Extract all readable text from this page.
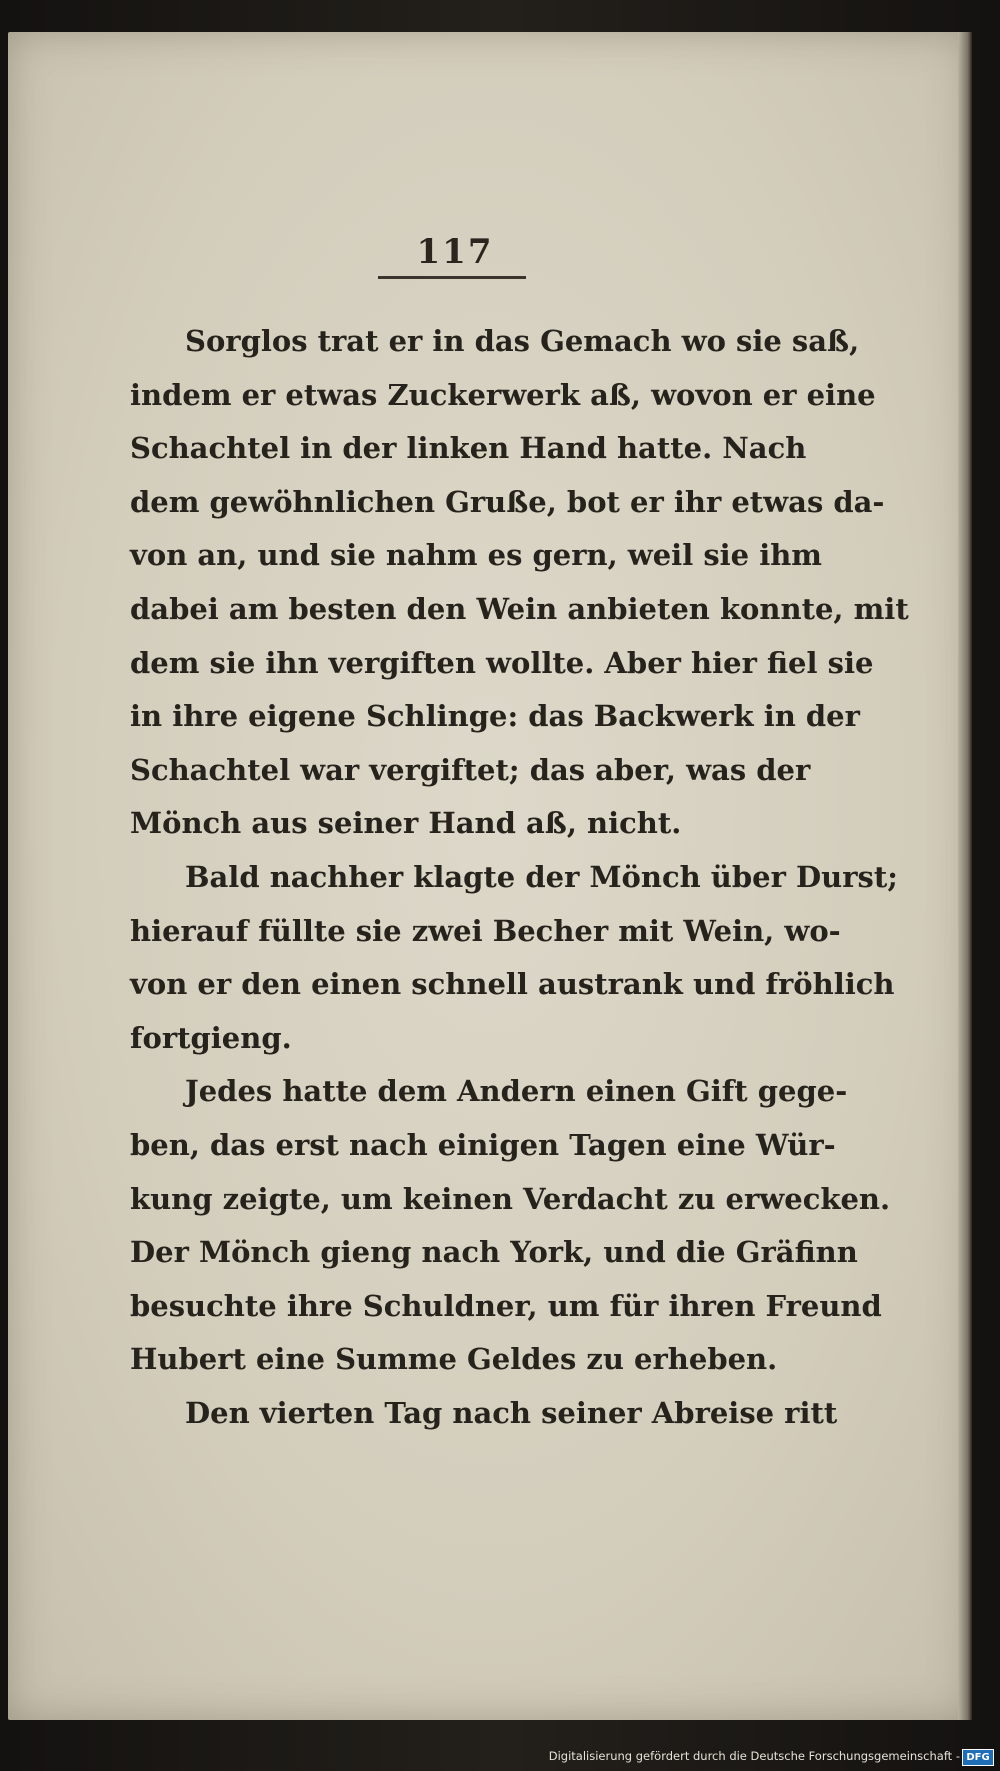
117
Sorglos trat er in das Gemach wo sie saß,
indem er etwas Zuckerwerk aß, wovon er eine
Schachtel in der linken Hand hatte. Nach
dem gewöhnlichen Gruße, bot er ihr etwas da-
von an, und sie nahm es gern, weil sie ihm
dabei am besten den Wein anbieten konnte, mit
dem sie ihn vergiften wollte. Aber hier fiel sie
in ihre eigene Schlinge: das Backwerk in der
Schachtel war vergiftet; das aber, was der
Mönch aus seiner Hand aß, nicht.
Bald nachher klagte der Mönch über Durst;
hierauf füllte sie zwei Becher mit Wein, wo-
von er den einen schnell austrank und fröhlich
fortgieng.
Jedes hatte dem Andern einen Gift gege-
ben, das erst nach einigen Tagen eine Wür-
kung zeigte, um keinen Verdacht zu erwecken.
Der Mönch gieng nach York, und die Gräfinn
besuchte ihre Schuldner, um für ihren Freund
Hubert eine Summe Geldes zu erheben.
Den vierten Tag nach seiner Abreise ritt
Digitalisierung gefördert durch die Deutsche Forschungsgemeinschaft - DFG
